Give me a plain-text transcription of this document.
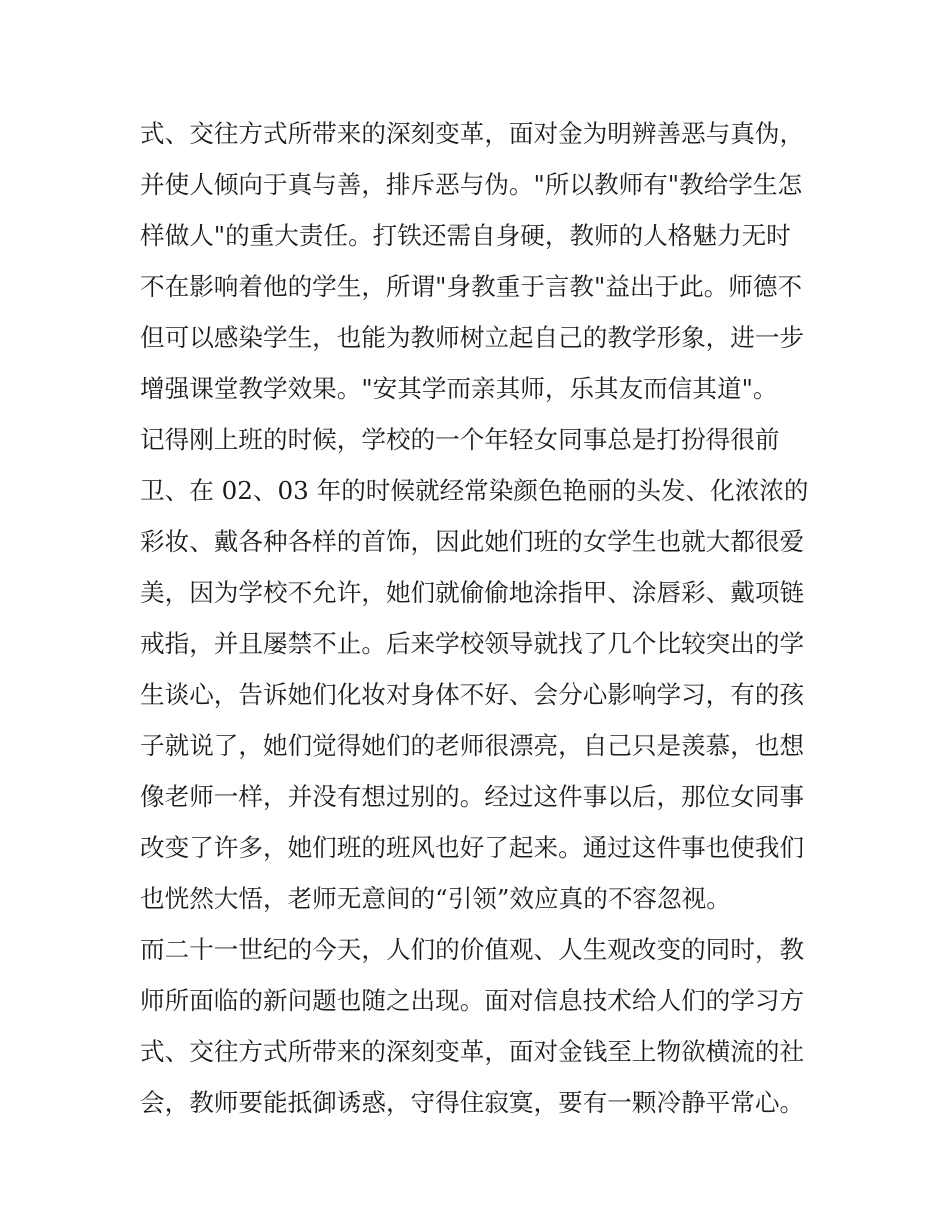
式、交往方式所带来的深刻变革，面对金为明辨善恶与真伪，
并使人倾向于真与善，排斥恶与伪。"所以教师有"教给学生怎
样做人"的重大责任。打铁还需自身硬，教师的人格魅力无时
不在影响着他的学生，所谓"身教重于言教"益出于此。师德不
但可以感染学生，也能为教师树立起自己的教学形象，进一步
增强课堂教学效果。"安其学而亲其师，乐其友而信其道"。
记得刚上班的时候，学校的一个年轻女同事总是打扮得很前
卫、在 02、03 年的时候就经常染颜色艳丽的头发、化浓浓的
彩妆、戴各种各样的首饰，因此她们班的女学生也就大都很爱
美，因为学校不允许，她们就偷偷地涂指甲、涂唇彩、戴项链
戒指，并且屡禁不止。后来学校领导就找了几个比较突出的学
生谈心，告诉她们化妆对身体不好、会分心影响学习，有的孩
子就说了，她们觉得她们的老师很漂亮，自己只是羡慕，也想
像老师一样，并没有想过别的。经过这件事以后，那位女同事
改变了许多，她们班的班风也好了起来。通过这件事也使我们
也恍然大悟，老师无意间的“引领”效应真的不容忽视。
而二十一世纪的今天，人们的价值观、人生观改变的同时，教
师所面临的新问题也随之出现。面对信息技术给人们的学习方
式、交往方式所带来的深刻变革，面对金钱至上物欲横流的社
会，教师要能抵御诱惑，守得住寂寞，要有一颗冷静平常心。
